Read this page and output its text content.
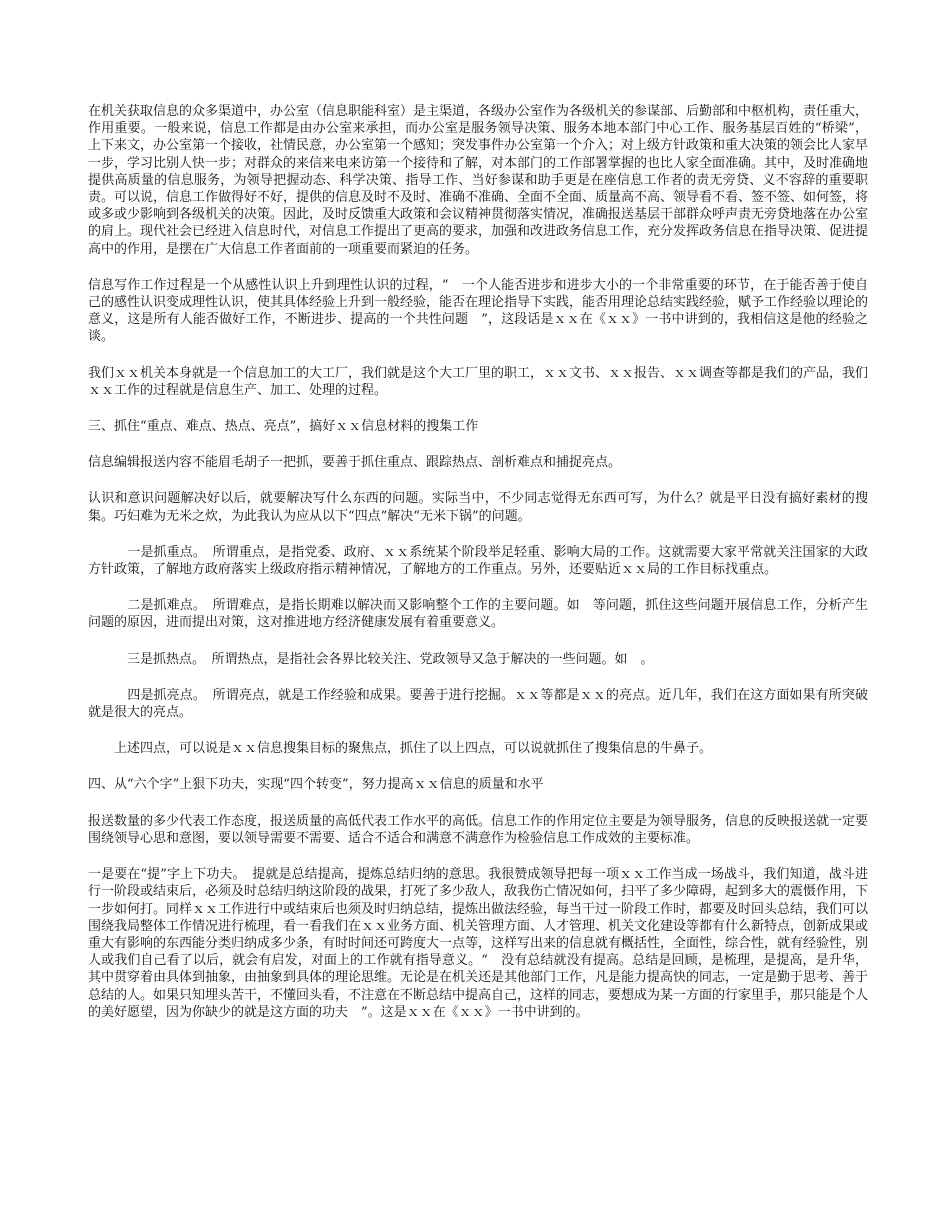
在机关获取信息的众多渠道中，办公室（信息职能科室）是主渠道，各级办公室作为各级机关的参谋部、后勤部和中枢机构，责任重大，作用重要。一般来说，信息工作都是由办公室来承担，而办公室是服务领导决策、服务本地本部门中心工作、服务基层百姓的“桥梁”，上下来文，办公室第一个接收，社情民意，办公室第一个感知；突发事件办公室第一个介入；对上级方针政策和重大决策的领会比人家早一步，学习比别人快一步；对群众的来信来电来访第一个接待和了解，对本部门的工作部署掌握的也比人家全面准确。其中，及时准确地提供高质量的信息服务，为领导把握动态、科学决策、指导工作、当好参谋和助手更是在座信息工作者的责无旁贷、义不容辞的重要职责。可以说，信息工作做得好不好，提供的信息及时不及时、准确不准确、全面不全面、质量高不高、领导看不看、签不签、如何签，将或多或少影响到各级机关的决策。因此，及时反馈重大政策和会议精神贯彻落实情况，准确报送基层干部群众呼声责无旁贷地落在办公室的肩上。现代社会已经进入信息时代，对信息工作提出了更高的要求，加强和改进政务信息工作，充分发挥政务信息在指导决策、促进提高中的作用，是摆在广大信息工作者面前的一项重要而紧迫的任务。

信息写作工作过程是一个从感性认识上升到理性认识的过程，“　一个人能否进步和进步大小的一个非常重要的环节，在于能否善于使自己的感性认识变成理性认识，使其具体经验上升到一般经验，能否在理论指导下实践，能否用理论总结实践经验，赋予工作经验以理论的意义，这是所有人能否做好工作，不断进步、提高的一个共性问题　”，这段话是ｘｘ在《ｘｘ》一书中讲到的，我相信这是他的经验之谈。

我们ｘｘ机关本身就是一个信息加工的大工厂，我们就是这个大工厂里的职工，ｘｘ文书、ｘｘ报告、ｘｘ调查等都是我们的产品，我们ｘｘ工作的过程就是信息生产、加工、处理的过程。

三、抓住“重点、难点、热点、亮点”，搞好ｘｘ信息材料的搜集工作

信息编辑报送内容不能眉毛胡子一把抓，要善于抓住重点、跟踪热点、剖析难点和捕捉亮点。

认识和意识问题解决好以后，就要解决写什么东西的问题。实际当中，不少同志觉得无东西可写，为什么？就是平日没有搞好素材的搜集。巧妇难为无米之炊，为此我认为应从以下“四点”解决“无米下锅”的问题。

　　　一是抓重点。　所谓重点，是指党委、政府、ｘｘ系统某个阶段举足轻重、影响大局的工作。这就需要大家平常就关注国家的大政方针政策，了解地方政府落实上级政府指示精神情况，了解地方的工作重点。另外，还要贴近ｘｘ局的工作目标找重点。

　　　二是抓难点。　所谓难点，是指长期难以解决而又影响整个工作的主要问题。如　等问题，抓住这些问题开展信息工作，分析产生问题的原因，进而提出对策，这对推进地方经济健康发展有着重要意义。

　　　三是抓热点。　所谓热点，是指社会各界比较关注、党政领导又急于解决的一些问题。如　。

　　　四是抓亮点。　所谓亮点，就是工作经验和成果。要善于进行挖掘。ｘｘ等都是ｘｘ的亮点。近几年，我们在这方面如果有所突破就是很大的亮点。

　　上述四点，可以说是ｘｘ信息搜集目标的聚焦点，抓住了以上四点，可以说就抓住了搜集信息的牛鼻子。

四、从“六个字”上狠下功夫，实现“四个转变”，努力提高ｘｘ信息的质量和水平

报送数量的多少代表工作态度，报送质量的高低代表工作水平的高低。信息工作的作用定位主要是为领导服务，信息的反映报送就一定要围绕领导心思和意图，要以领导需要不需要、适合不适合和满意不满意作为检验信息工作成效的主要标准。

一是要在“提”字上下功夫。　提就是总结提高，提炼总结归纳的意思。我很赞成领导把每一项ｘｘ工作当成一场战斗，我们知道，战斗进行一阶段或结束后，必须及时总结归纳这阶段的战果，打死了多少敌人，敌我伤亡情况如何，扫平了多少障碍，起到多大的震慑作用，下一步如何打。同样ｘｘ工作进行中或结束后也须及时归纳总结，提炼出做法经验，每当干过一阶段工作时，都要及时回头总结，我们可以围绕我局整体工作情况进行梳理，看一看我们在ｘｘ业务方面、机关管理方面、人才管理、机关文化建设等都有什么新特点，创新成果或重大有影响的东西能分类归纳成多少条，有时时间还可跨度大一点等，这样写出来的信息就有概括性，全面性，综合性，就有经验性，别人或我们自己看了以后，就会有启发，对面上的工作就有指导意义。“　没有总结就没有提高。总结是回顾，是梳理，是提高，是升华，其中贯穿着由具体到抽象，由抽象到具体的理论思维。无论是在机关还是其他部门工作，凡是能力提高快的同志，一定是勤于思考、善于总结的人。如果只知埋头苦干，不懂回头看，不注意在不断总结中提高自己，这样的同志，要想成为某一方面的行家里手，那只能是个人的美好愿望，因为你缺少的就是这方面的功夫　”。这是ｘｘ在《ｘｘ》一书中讲到的。
